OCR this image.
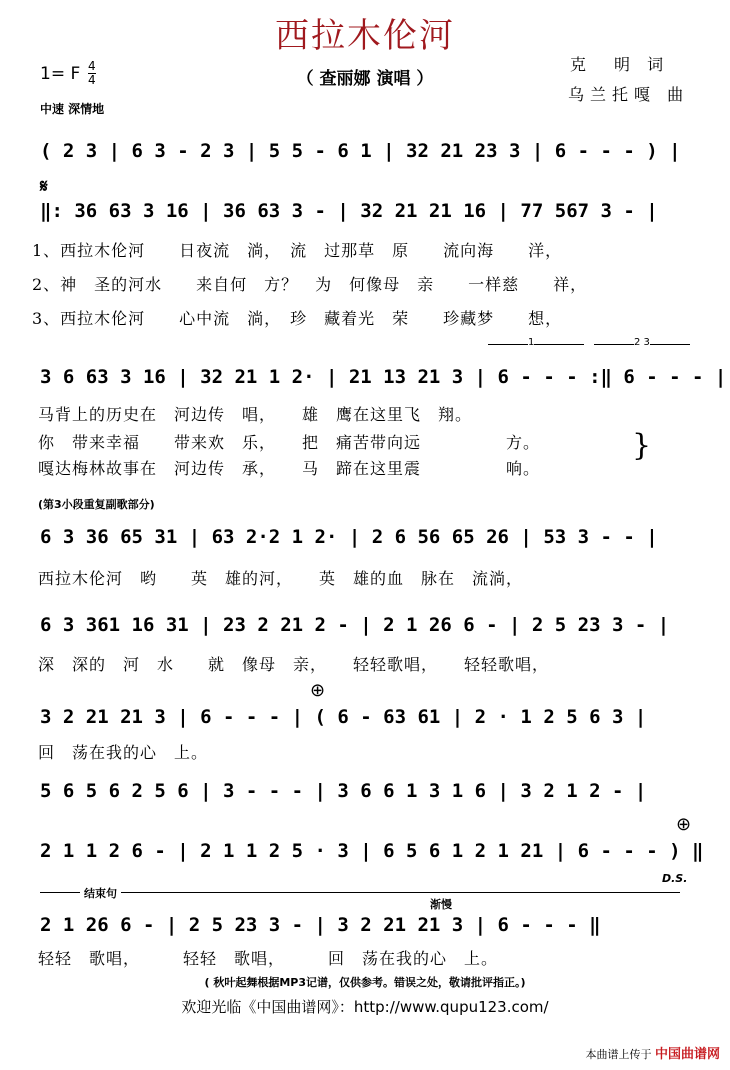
西拉木伦河
（ 查丽娜 演唱 ）
克　明 词
乌兰托嘎 曲
1= F $\frac{4}{4}$
中速 深情地
( 2 3 | 6 3 - 2 3 | 5 5 - 6 1 | 32 21 23 3 | 6 - - - ) |
𝄋
‖: 36 63 3 16 | 36 63 3 - | 32 21 21 16 | 77 567 3 - |
1、西拉木伦河　　日夜流　淌，　流　过那草　原　　流向海　　洋，
2、神　圣的河水　　来自何　方？　为　何像母　亲　　一样慈　　祥，
3、西拉木伦河　　心中流　淌，　珍　藏着光　荣　　珍藏梦　　想，
1	2 3
3 6 63 3 16 | 32 21 1 2· | 21 13 21 3 | 6 - - - :‖ 6 - - - |
马背上的历史在　河边传　唱，　　雄　鹰在这里飞　翔。
你　带来幸福　　带来欢　乐，　　把　痛苦带向远　　　　　方。
嘎达梅林故事在　河边传　承，　　马　蹄在这里震　　　　　响。
}
(第3小段重复副歌部分)
6 3 36 65 31 | 63 2·2 1 2· | 2 6 56 65 26 | 53 3 - - |
西拉木伦河　哟　　英　雄的河，　　英　雄的血　脉在　流淌，
6 3 361 16 31 | 23 2 21 2 - | 2 1 26 6 - | 2 5 23 3 - |
深　深的　河　水　　就　像母　亲，　　轻轻歌唱，　　轻轻歌唱，
⊕
3 2 21 21 3 | 6 - - - | ( 6 - 63 61 | 2 · 1 2 5 6 3 |
回　荡在我的心　上。
5 6 5 6 2 5 6 | 3 - - - | 3 6 6 1 3 1 6 | 3 2 1 2 - |
⊕
2 1 1 2 6 - | 2 1 1 2 5 · 3 | 6 5 6 1 2 1 21 | 6 - - - ) ‖
D.S.
结束句
渐慢
2 1 26 6 - | 2 5 23 3 - | 3 2 21 21 3 | 6 - - - ‖
轻轻　歌唱，　　　轻轻　歌唱，　　　回　荡在我的心　上。
( 秋叶起舞根据MP3记谱，仅供参考。错误之处，敬请批评指正。)
欢迎光临《中国曲谱网》：http://www.qupu123.com/
本曲谱上传于 中国曲谱网
